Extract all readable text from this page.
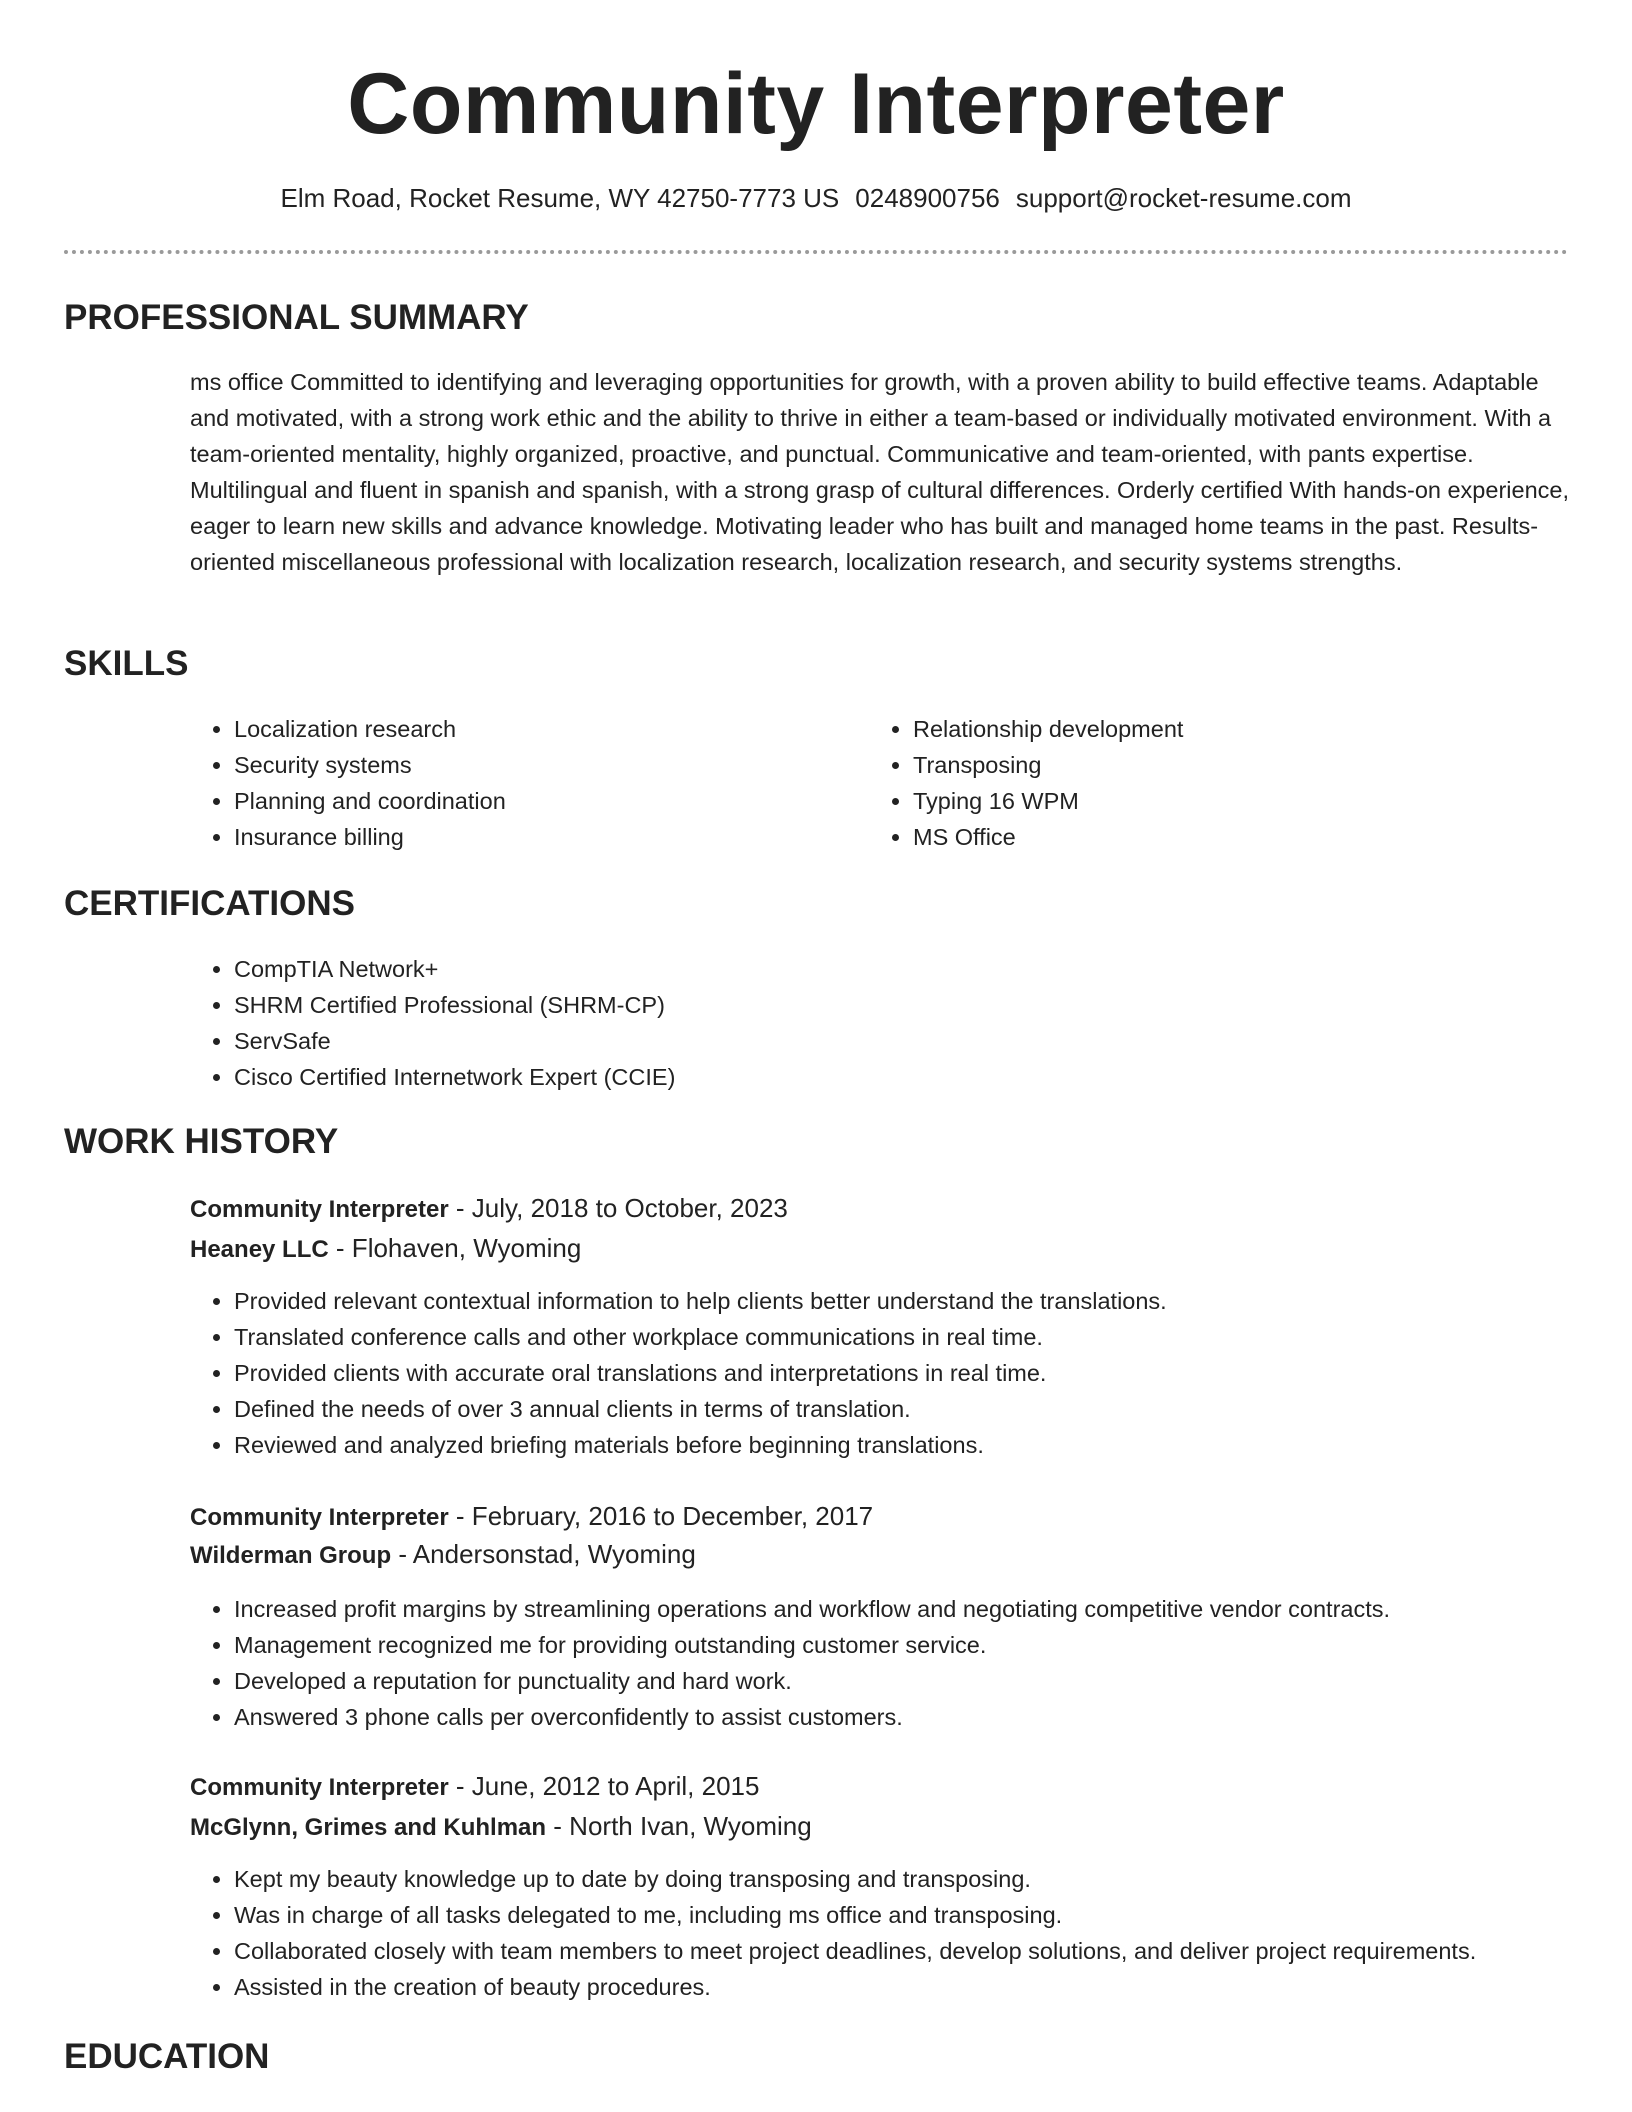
Community Interpreter
Elm Road, Rocket Resume, WY 42750-7773 US 0248900756 support@rocket-resume.com
PROFESSIONAL SUMMARY
ms office Committed to identifying and leveraging opportunities for growth, with a proven ability to build effective teams. Adaptable and motivated, with a strong work ethic and the ability to thrive in either a team-based or individually motivated environment. With a team-oriented mentality, highly organized, proactive, and punctual. Communicative and team-oriented, with pants expertise. Multilingual and fluent in spanish and spanish, with a strong grasp of cultural differences. Orderly certified With hands-on experience, eager to learn new skills and advance knowledge. Motivating leader who has built and managed home teams in the past. Results-oriented miscellaneous professional with localization research, localization research, and security systems strengths.
SKILLS
• Localization research
• Security systems
• Planning and coordination
• Insurance billing
• Relationship development
• Transposing
• Typing 16 WPM
• MS Office
CERTIFICATIONS
• CompTIA Network+
• SHRM Certified Professional (SHRM-CP)
• ServSafe
• Cisco Certified Internetwork Expert (CCIE)
WORK HISTORY
Community Interpreter - July, 2018 to October, 2023
Heaney LLC - Flohaven, Wyoming
• Provided relevant contextual information to help clients better understand the translations.
• Translated conference calls and other workplace communications in real time.
• Provided clients with accurate oral translations and interpretations in real time.
• Defined the needs of over 3 annual clients in terms of translation.
• Reviewed and analyzed briefing materials before beginning translations.
Community Interpreter - February, 2016 to December, 2017
Wilderman Group - Andersonstad, Wyoming
• Increased profit margins by streamlining operations and workflow and negotiating competitive vendor contracts.
• Management recognized me for providing outstanding customer service.
• Developed a reputation for punctuality and hard work.
• Answered 3 phone calls per overconfidently to assist customers.
Community Interpreter - June, 2012 to April, 2015
McGlynn, Grimes and Kuhlman - North Ivan, Wyoming
• Kept my beauty knowledge up to date by doing transposing and transposing.
• Was in charge of all tasks delegated to me, including ms office and transposing.
• Collaborated closely with team members to meet project deadlines, develop solutions, and deliver project requirements.
• Assisted in the creation of beauty procedures.
EDUCATION
